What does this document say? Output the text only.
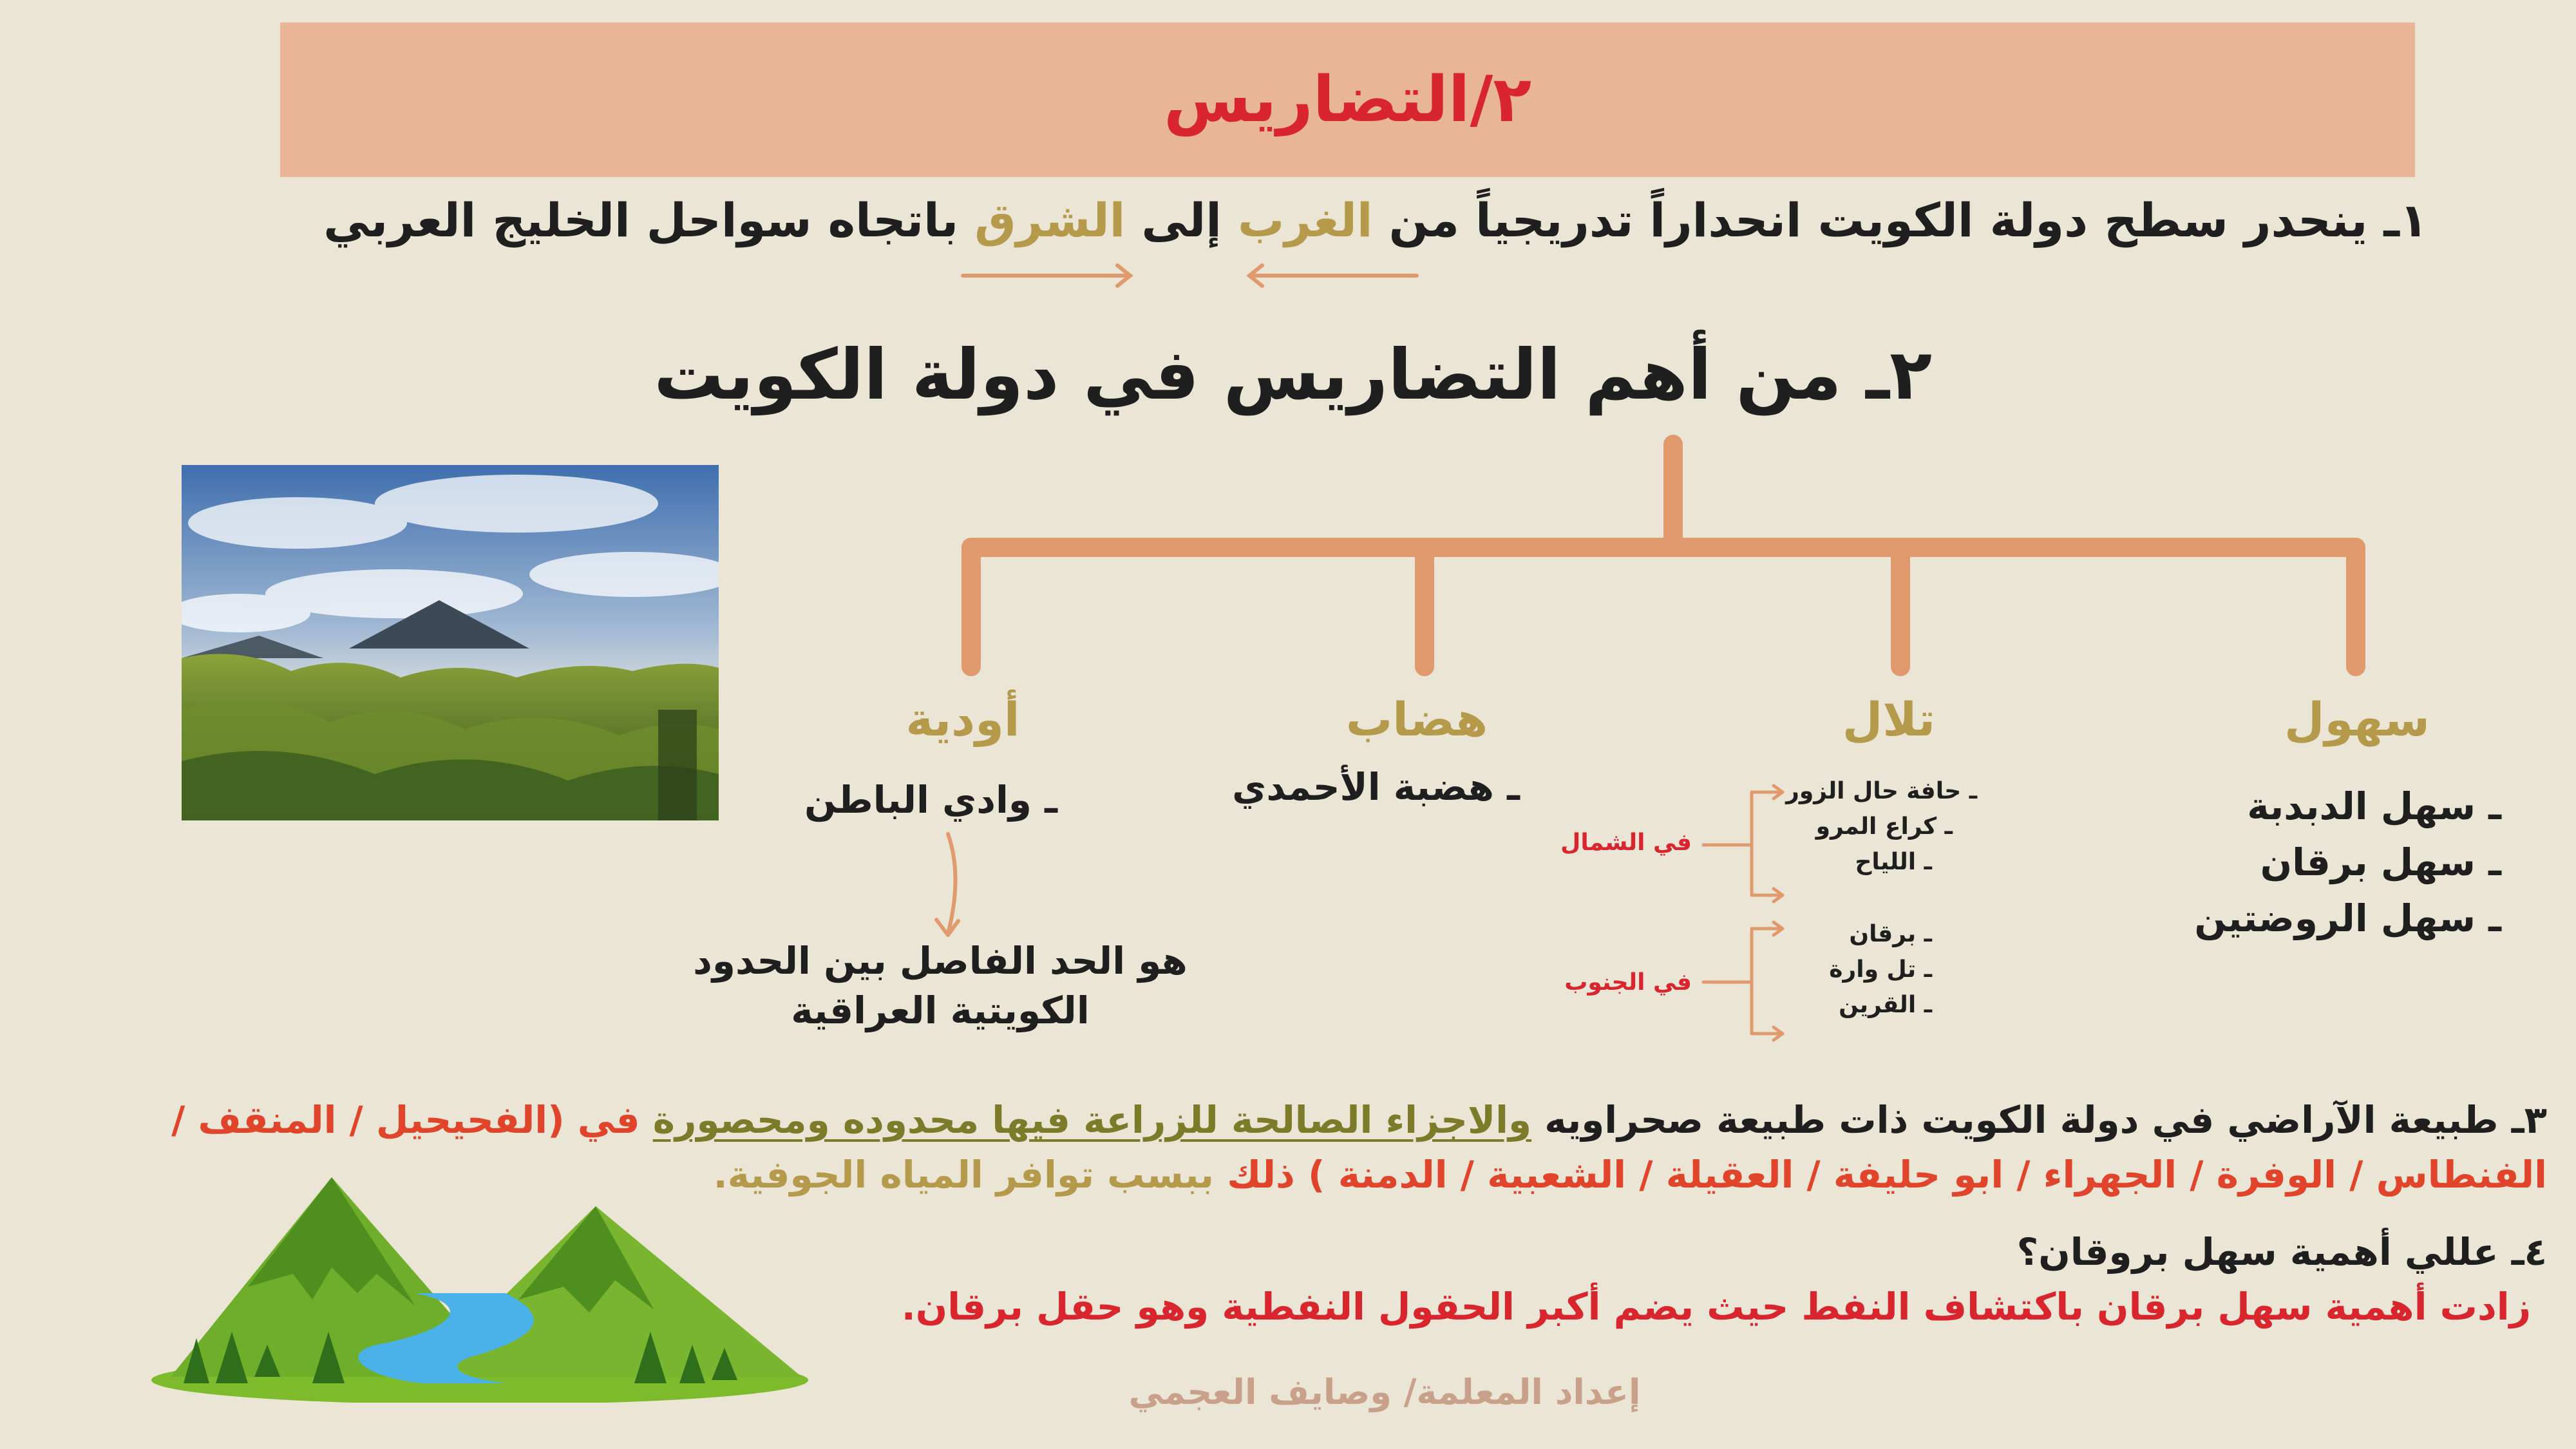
٢/التضاريس
١ـ ينحدر سطح دولة الكويت انحداراً تدريجياً من الغرب إلى الشرق باتجاه سواحل الخليج العربي
٢ـ من أهم التضاريس في دولة الكويت
سهول
ـ سهل الدبدبة
ـ سهل برقان
ـ سهل الروضتين
تلال
ـ حافة حال الزور
ـ كراع المرو
ـ اللياح
ـ برقان
ـ تل وارة
ـ القرين
في الشمال
في الجنوب
هضاب
ـ هضبة الأحمدي
أودية
ـ وادي الباطن
هو الحد الفاصل بين الحدود
الكويتية العراقية
٣ـ طبيعة الآراضي في دولة الكويت ذات طبيعة صحراويه والاجزاء الصالحة للزراعة فيها محدوده ومحصورة في (الفحيحيل / المنقف /
الفنطاس / الوفرة / الجهراء / ابو حليفة / العقيلة / الشعبية / الدمنة ) ذلك ببسب توافر المياه الجوفية.
٤ـ عللي أهمية سهل بروقان؟
زادت أهمية سهل برقان باكتشاف النفط حيث يضم أكبر الحقول النفطية وهو حقل برقان.
إعداد المعلمة/ وصايف العجمي
